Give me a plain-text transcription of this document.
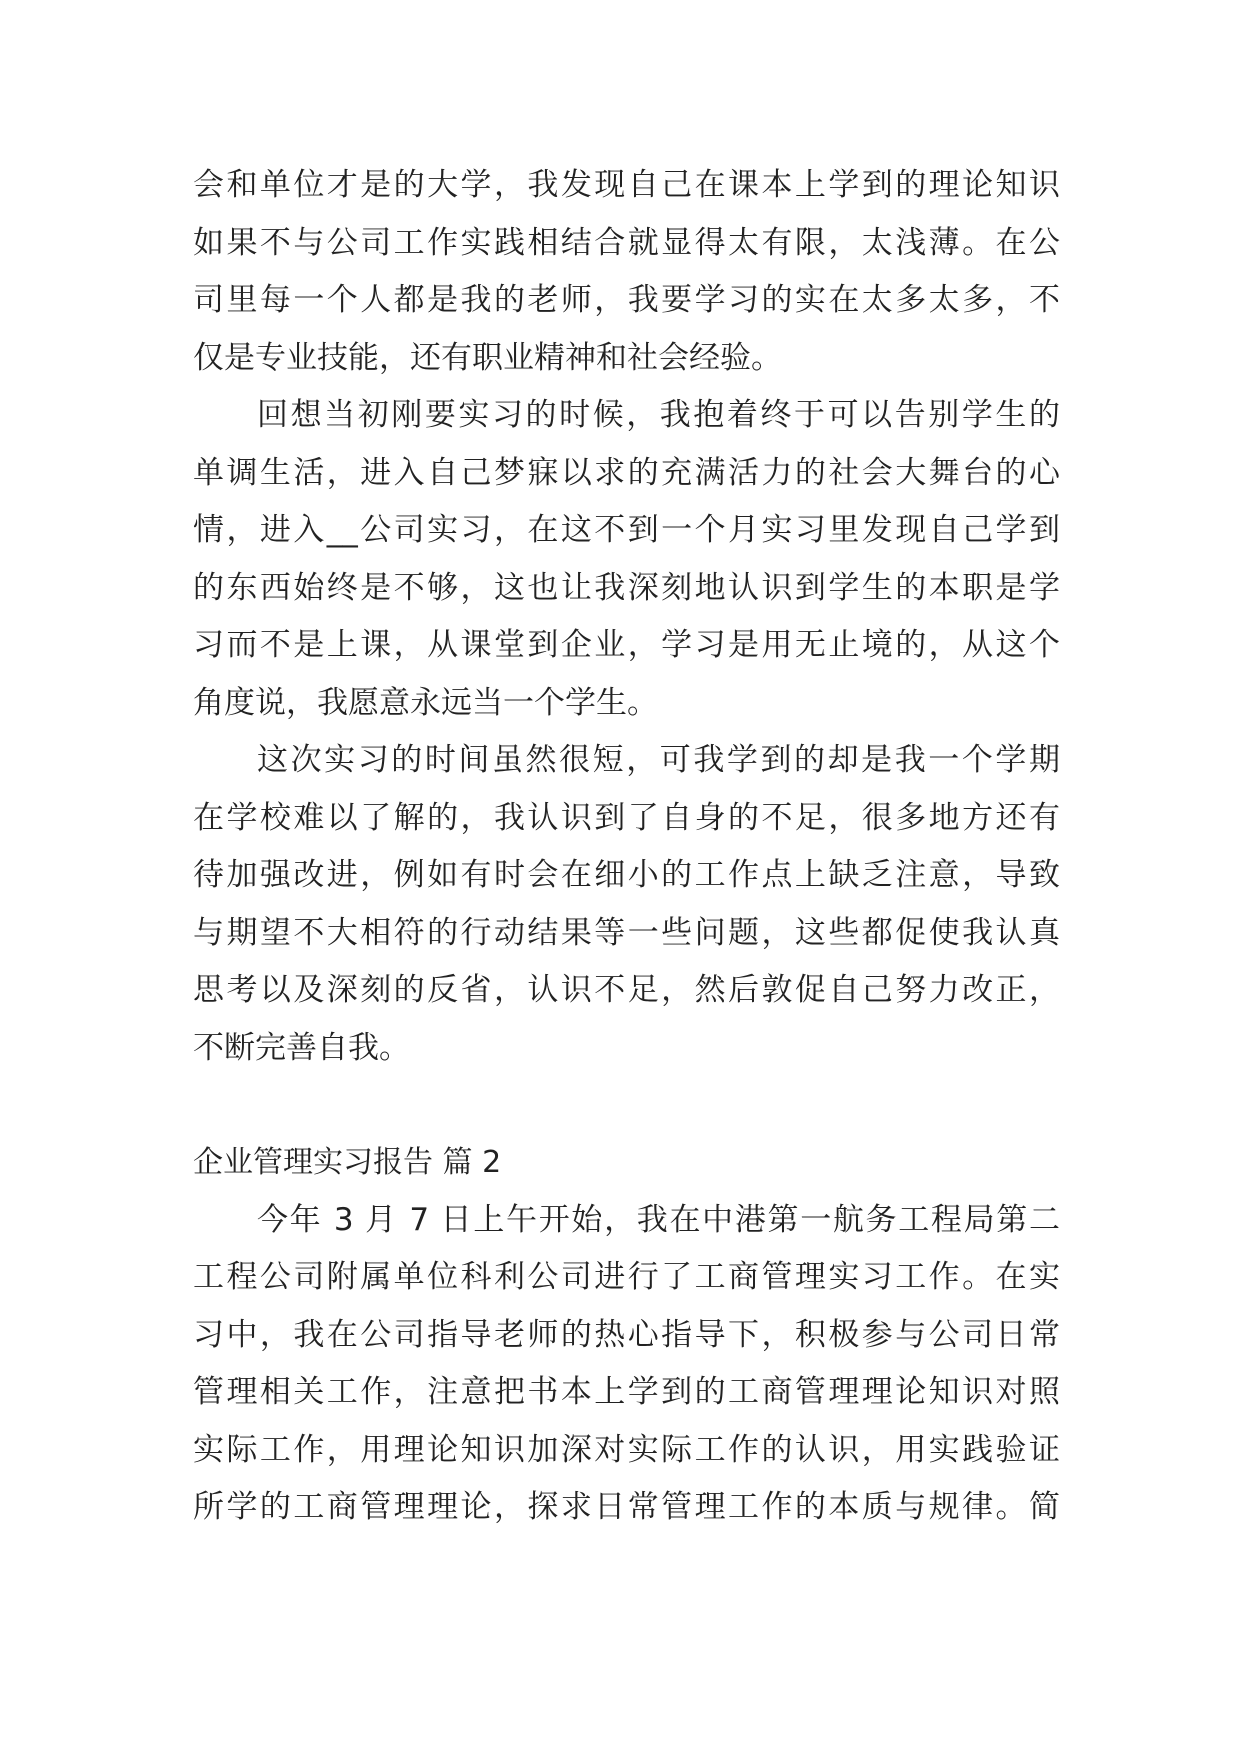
会和单位才是的大学，我发现自己在课本上学到的理论知识
如果不与公司工作实践相结合就显得太有限，太浅薄。在公
司里每一个人都是我的老师，我要学习的实在太多太多，不
仅是专业技能，还有职业精神和社会经验。
回想当初刚要实习的时候，我抱着终于可以告别学生的
单调生活，进入自己梦寐以求的充满活力的社会大舞台的心
情，进入__公司实习，在这不到一个月实习里发现自己学到
的东西始终是不够，这也让我深刻地认识到学生的本职是学
习而不是上课，从课堂到企业，学习是用无止境的，从这个
角度说，我愿意永远当一个学生。
这次实习的时间虽然很短，可我学到的却是我一个学期
在学校难以了解的，我认识到了自身的不足，很多地方还有
待加强改进，例如有时会在细小的工作点上缺乏注意，导致
与期望不大相符的行动结果等一些问题，这些都促使我认真
思考以及深刻的反省，认识不足，然后敦促自己努力改正，
不断完善自我。
企业管理实习报告 篇 2
今年 3 月 7 日上午开始，我在中港第一航务工程局第二
工程公司附属单位科利公司进行了工商管理实习工作。在实
习中，我在公司指导老师的热心指导下，积极参与公司日常
管理相关工作，注意把书本上学到的工商管理理论知识对照
实际工作，用理论知识加深对实际工作的认识，用实践验证
所学的工商管理理论，探求日常管理工作的本质与规律。简
